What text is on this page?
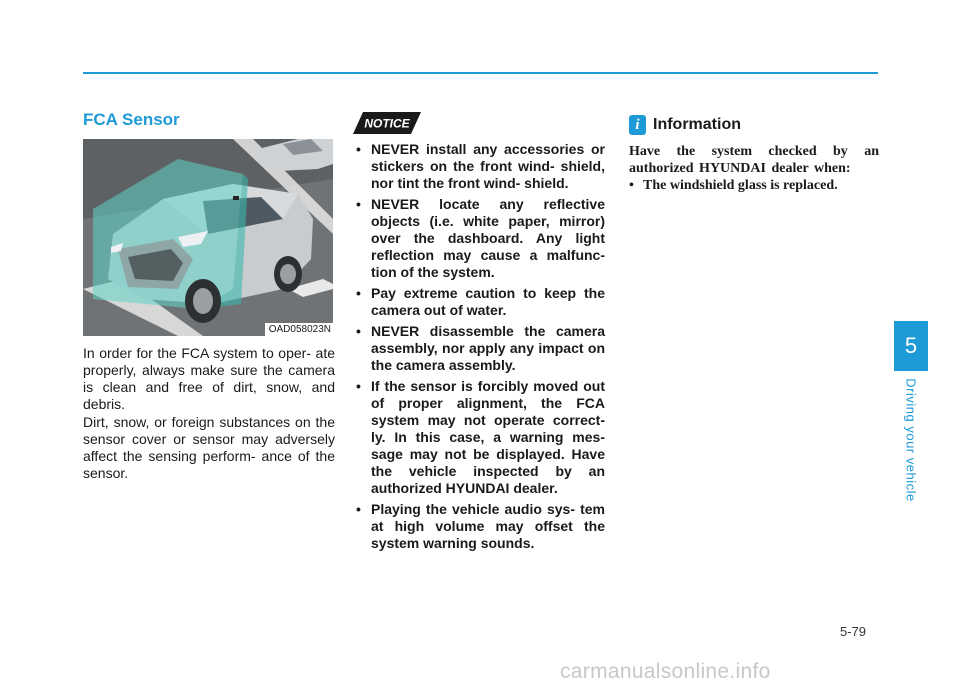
FCA Sensor
OAD058023N

In order for the FCA system to oper- ate properly, always make sure the camera is clean and free of dirt, snow, and debris.

Dirt, snow, or foreign substances on the sensor cover or sensor may adversely affect the sensing perform- ance of the sensor.

NOTICE
• NEVER install any accessories or stickers on the front wind- shield, nor tint the front wind- shield.
• NEVER locate any reflective objects (i.e. white paper, mirror) over the dashboard. Any light reflection may cause a malfunc- tion of the system.
• Pay extreme caution to keep the camera out of water.
• NEVER disassemble the camera assembly, nor apply any impact on the camera assembly.
• If the sensor is forcibly moved out of proper alignment, the FCA system may not operate correct- ly. In this case, a warning mes- sage may not be displayed. Have the vehicle inspected by an authorized HYUNDAI dealer.
• Playing the vehicle audio sys- tem at high volume may offset the system warning sounds.
i Information

Have the system checked by an authorized HYUNDAI dealer when:

• The windshield glass is replaced.
5
Driving your vehicle
5-79
carmanualsonline.info
